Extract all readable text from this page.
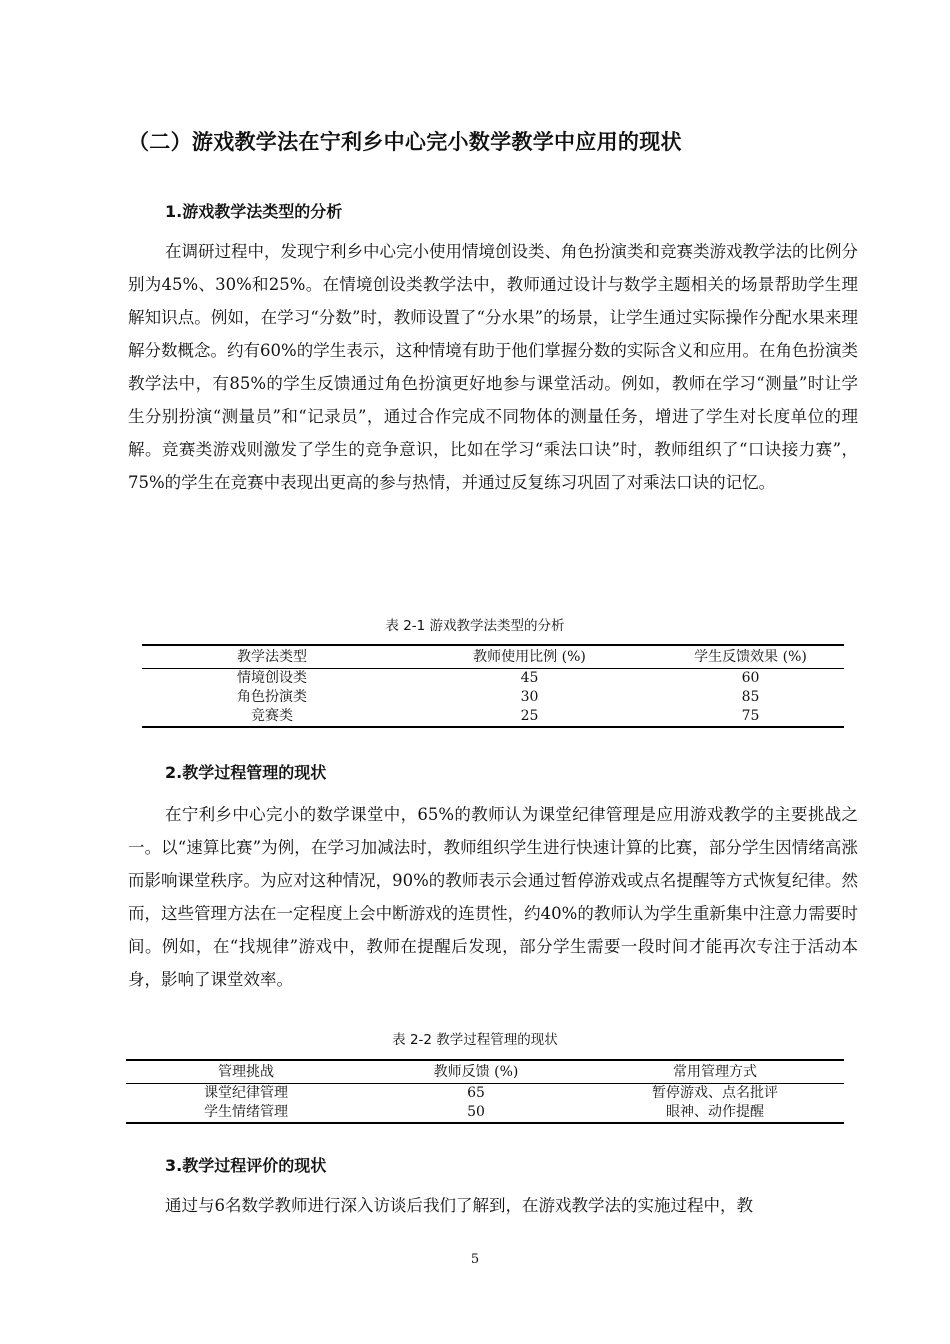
（二）游戏教学法在宁利乡中心完小数学教学中应用的现状
1.游戏教学法类型的分析

在调研过程中，发现宁利乡中心完小使用情境创设类、角色扮演类和竞赛类游戏教学法的比例分别为45%、30%和25%。在情境创设类教学法中，教师通过设计与数学主题相关的场景帮助学生理解知识点。例如，在学习“分数”时，教师设置了“分水果”的场景，让学生通过实际操作分配水果来理解分数概念。约有60%的学生表示，这种情境有助于他们掌握分数的实际含义和应用。在角色扮演类教学法中，有85%的学生反馈通过角色扮演更好地参与课堂活动。例如，教师在学习“测量”时让学生分别扮演“测量员”和“记录员”，通过合作完成不同物体的测量任务，增进了学生对长度单位的理解。竞赛类游戏则激发了学生的竞争意识，比如在学习“乘法口诀”时，教师组织了“口诀接力赛”，75%的学生在竞赛中表现出更高的参与热情，并通过反复练习巩固了对乘法口诀的记忆。

表 2-1 游戏教学法类型的分析
教学法类型	教师使用比例 (%)	学生反馈效果 (%)
情境创设类	45	60
角色扮演类	30	85
竞赛类	25	75
2.教学过程管理的现状

在宁利乡中心完小的数学课堂中，65%的教师认为课堂纪律管理是应用游戏教学的主要挑战之一。以“速算比赛”为例，在学习加减法时，教师组织学生进行快速计算的比赛，部分学生因情绪高涨而影响课堂秩序。为应对这种情况，90%的教师表示会通过暂停游戏或点名提醒等方式恢复纪律。然而，这些管理方法在一定程度上会中断游戏的连贯性，约40%的教师认为学生重新集中注意力需要时间。例如，在“找规律”游戏中，教师在提醒后发现，部分学生需要一段时间才能再次专注于活动本身，影响了课堂效率。

表 2-2 教学过程管理的现状
管理挑战	教师反馈 (%)	常用管理方式
课堂纪律管理	65	暂停游戏、点名批评
学生情绪管理	50	眼神、动作提醒
3.教学过程评价的现状

通过与6名数学教师进行深入访谈后我们了解到，在游戏教学法的实施过程中，教

5
